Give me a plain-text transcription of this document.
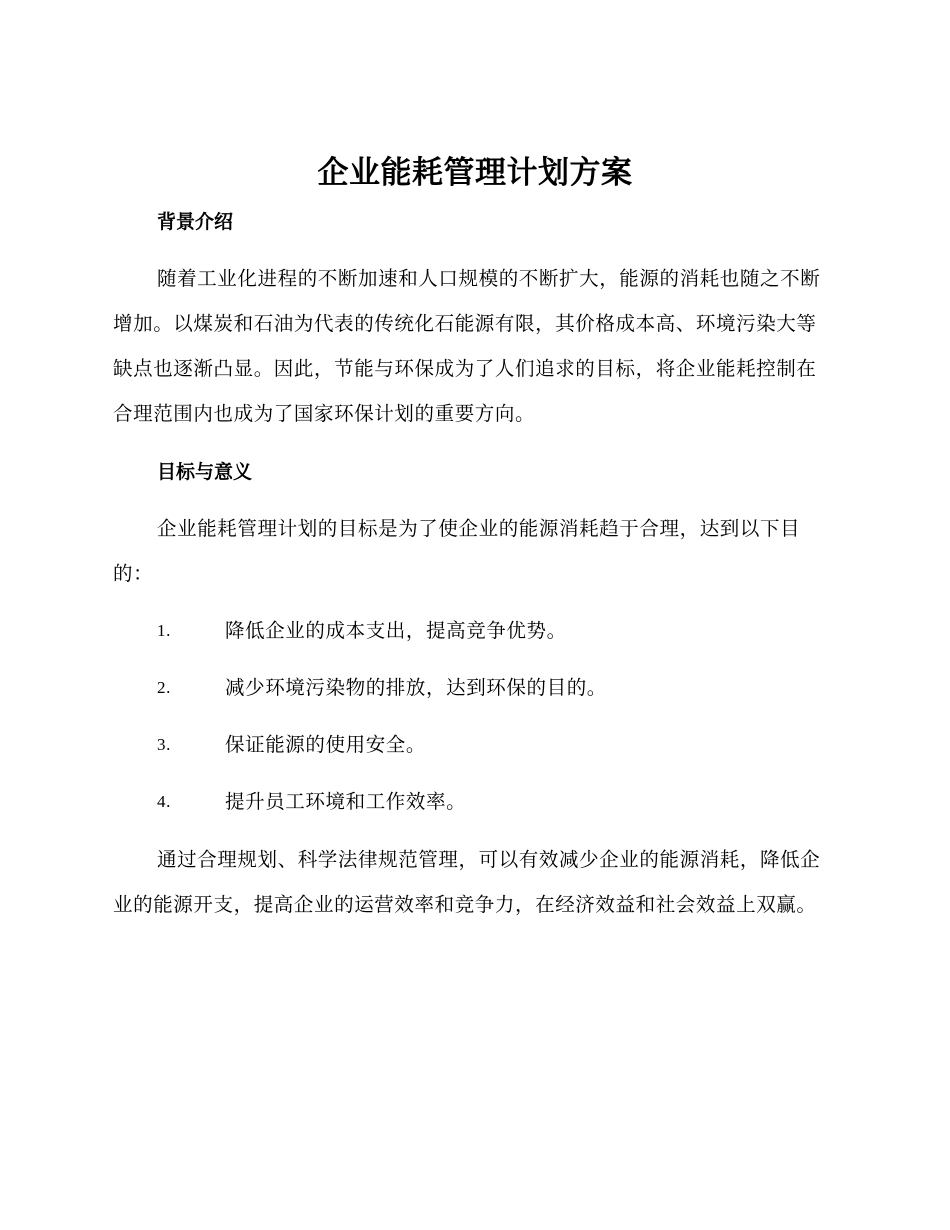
企业能耗管理计划方案
背景介绍

随着工业化进程的不断加速和人口规模的不断扩大，能源的消耗也随之不断增加。以煤炭和石油为代表的传统化石能源有限，其价格成本高、环境污染大等缺点也逐渐凸显。因此，节能与环保成为了人们追求的目标，将企业能耗控制在合理范围内也成为了国家环保计划的重要方向。

目标与意义

企业能耗管理计划的目标是为了使企业的能源消耗趋于合理，达到以下目的：

1.	降低企业的成本支出，提高竞争优势。
2.	减少环境污染物的排放，达到环保的目的。
3.	保证能源的使用安全。
4.	提升员工环境和工作效率。

通过合理规划、科学法律规范管理，可以有效减少企业的能源消耗，降低企业的能源开支，提高企业的运营效率和竞争力，在经济效益和社会效益上双赢。
